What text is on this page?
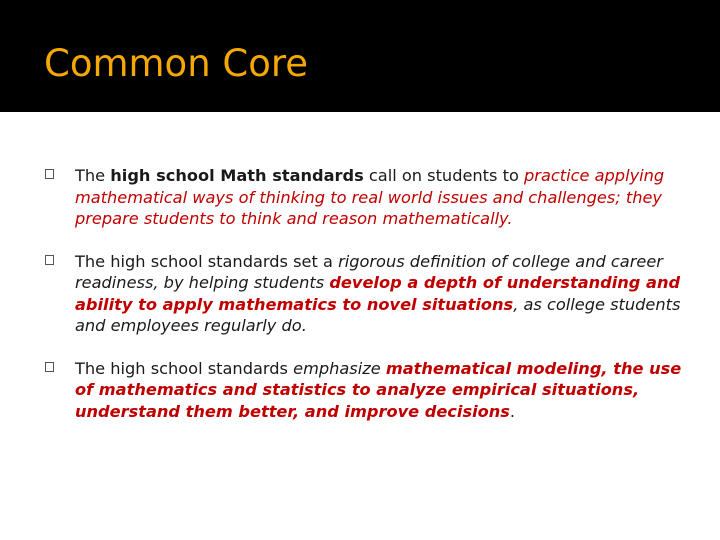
Common Core
The high school Math standards call on students to practice applying mathematical ways of thinking to real world issues and challenges; they prepare students to think and reason mathematically.
The high school standards set a rigorous definition of college and career readiness, by helping students develop a depth of understanding and ability to apply mathematics to novel situations, as college students and employees regularly do.
The high school standards emphasize mathematical modeling, the use of mathematics and statistics to analyze empirical situations, understand them better, and improve decisions.
